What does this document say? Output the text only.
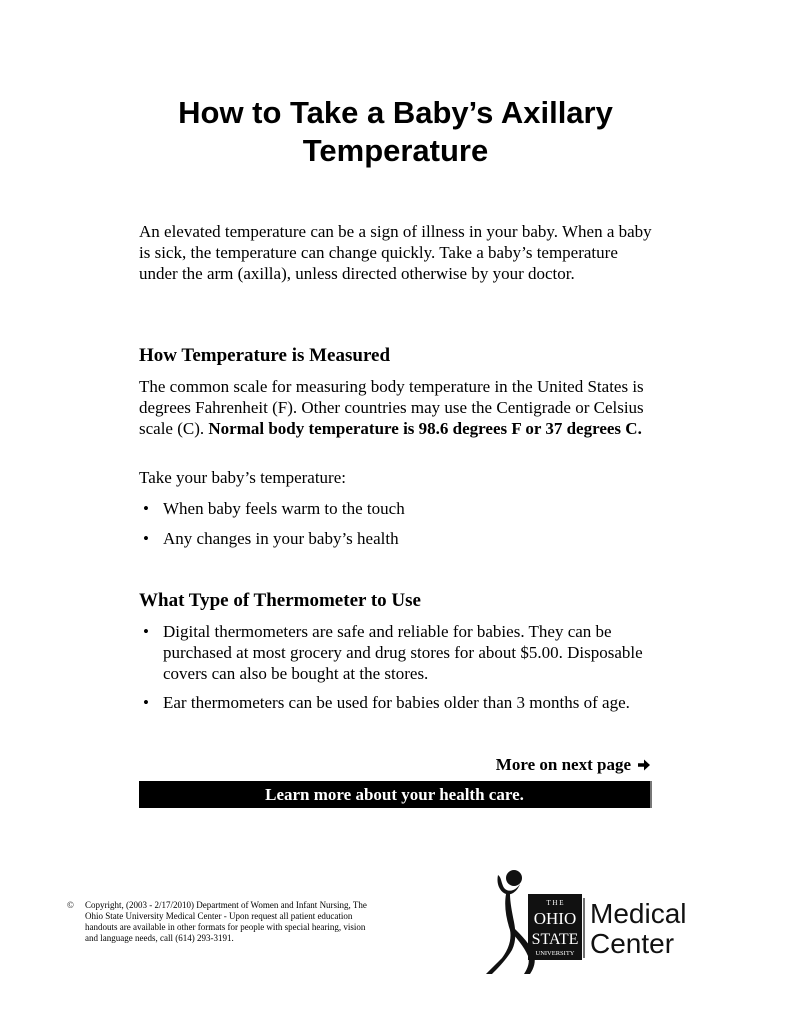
How to Take a Baby’s Axillary Temperature

An elevated temperature can be a sign of illness in your baby. When a baby is sick, the temperature can change quickly. Take a baby’s temperature under the arm (axilla), unless directed otherwise by your doctor.

How Temperature is Measured

The common scale for measuring body temperature in the United States is degrees Fahrenheit (F). Other countries may use the Centigrade or Celsius scale (C). Normal body temperature is 98.6 degrees F or 37 degrees C.

Take your baby’s temperature:

• When baby feels warm to the touch
• Any changes in your baby’s health
What Type of Thermometer to Use
• Digital thermometers are safe and reliable for babies. They can be purchased at most grocery and drug stores for about $5.00. Disposable covers can also be bought at the stores.
• Ear thermometers can be used for babies older than 3 months of age.
More on next page
Learn more about your health care.
©	Copyright, (2003 - 2/17/2010) Department of Women and Infant Nursing, The Ohio State University Medical Center - Upon request all patient education handouts are available in other formats for people with special hearing, vision and language needs, call (614) 293-3191.
T H E
OHIO
STATE
UNIVERSITY
Medical
Center
